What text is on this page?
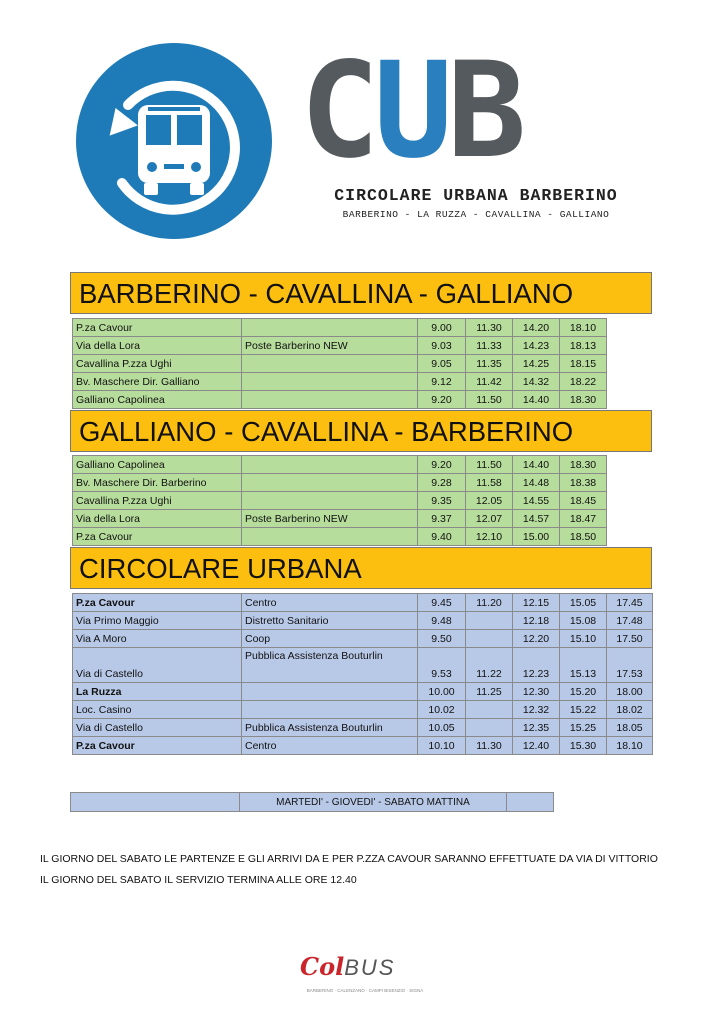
CUB
CIRCOLARE URBANA BARBERINO
BARBERINO - LA RUZZA - CAVALLINA - GALLIANO
BARBERINO - CAVALLINA - GALLIANO
P.za Cavour		9.00	11.30	14.20	18.10
Via della Lora	Poste Barberino NEW	9.03	11.33	14.23	18.13
Cavallina P.zza Ughi		9.05	11.35	14.25	18.15
Bv. Maschere Dir. Galliano		9.12	11.42	14.32	18.22
Galliano Capolinea		9.20	11.50	14.40	18.30
GALLIANO - CAVALLINA - BARBERINO
Galliano Capolinea		9.20	11.50	14.40	18.30
Bv. Maschere Dir. Barberino		9.28	11.58	14.48	18.38
Cavallina P.zza Ughi		9.35	12.05	14.55	18.45
Via della Lora	Poste Barberino NEW	9.37	12.07	14.57	18.47
P.za Cavour		9.40	12.10	15.00	18.50
CIRCOLARE URBANA
P.za Cavour	Centro	9.45	11.20	12.15	15.05	17.45
Via Primo Maggio	Distretto Sanitario	9.48		12.18	15.08	17.48
Via A Moro	Coop	9.50		12.20	15.10	17.50
Via di Castello	Pubblica Assistenza Bouturlin	9.53	11.22	12.23	15.13	17.53
La Ruzza		10.00	11.25	12.30	15.20	18.00
Loc. Casino		10.02		12.32	15.22	18.02
Via di Castello	Pubblica Assistenza Bouturlin	10.05		12.35	15.25	18.05
P.za Cavour	Centro	10.10	11.30	12.40	15.30	18.10
	MARTEDI' - GIOVEDI' - SABATO MATTINA	
IL GIORNO DEL SABATO LE PARTENZE E GLI ARRIVI DA E PER P.ZZA CAVOUR SARANNO EFFETTUATE DA VIA DI VITTORIO
IL GIORNO DEL SABATO IL SERVIZIO TERMINA ALLE ORE 12.40
ColBUS
BARBERINO · CALENZANO · CAMPI BISENZIO · SIGNA
